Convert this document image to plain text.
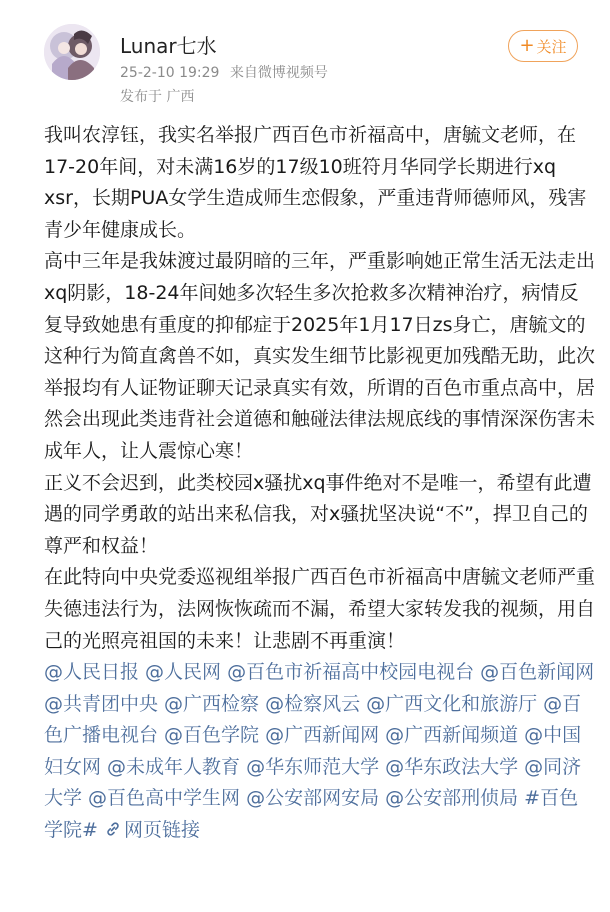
Lunar七水
25-2-10 19:29 来自微博视频号
发布于 广西
+ 关注

我叫农淳钰，我实名举报广西百色市祈福高中，唐毓文老师，在17-20年间，对未满16岁的17级10班符月华同学长期进行xq xsr，长期PUA女学生造成师生恋假象，严重违背师德师风，残害青少年健康成长。

高中三年是我妹渡过最阴暗的三年，严重影响她正常生活无法走出xq阴影，18-24年间她多次轻生多次抢救多次精神治疗，病情反复导致她患有重度的抑郁症于2025年1月17日zs身亡，唐毓文的这种行为简直禽兽不如，真实发生细节比影视更加残酷无助，此次举报均有人证物证聊天记录真实有效，所谓的百色市重点高中，居然会出现此类违背社会道德和触碰法律法规底线的事情深深伤害未成年人，让人震惊心寒！

正义不会迟到，此类校园x骚扰xq事件绝对不是唯一，希望有此遭遇的同学勇敢的站出来私信我，对x骚扰坚决说“不”，捍卫自己的尊严和权益！

在此特向中央党委巡视组举报广西百色市祈福高中唐毓文老师严重失德违法行为，法网恢恢疏而不漏，希望大家转发我的视频，用自己的光照亮祖国的未来！让悲剧不再重演！

@人民日报 @人民网 @百色市祈福高中校园电视台 @百色新闻网 @共青团中央 @广西检察 @检察风云 @广西文化和旅游厅 @百色广播电视台 @百色学院 @广西新闻网 @广西新闻频道 @中国妇女网 @未成年人教育 @华东师范大学 @华东政法大学 @同济大学 @百色高中学生网 @公安部网安局 @公安部刑侦局 #百色学院# 网页链接
